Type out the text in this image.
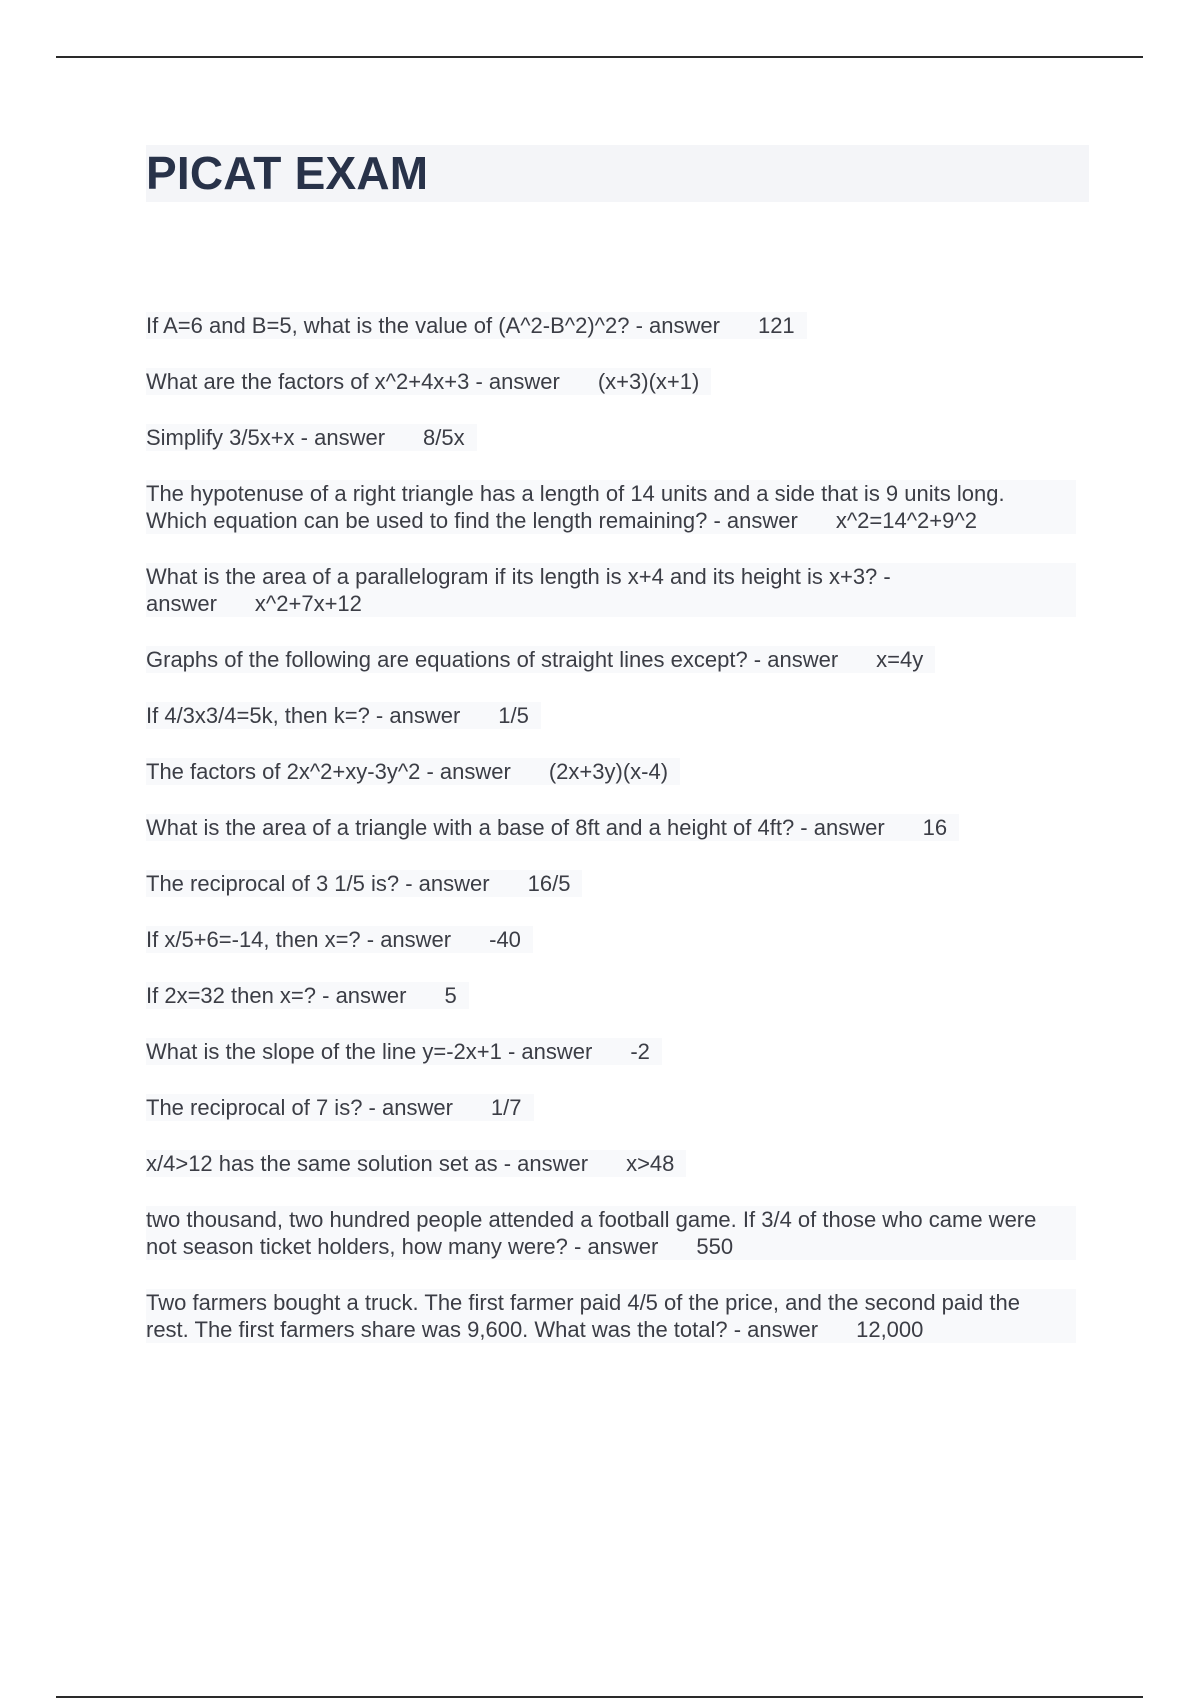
PICAT EXAM
If A=6 and B=5, what is the value of (A^2-B^2)^2? - answer 121
What are the factors of x^2+4x+3 - answer (x+3)(x+1)
Simplify 3/5x+x - answer 8/5x
The hypotenuse of a right triangle has a length of 14 units and a side that is 9 units long. Which equation can be used to find the length remaining? - answer x^2=14^2+9^2
What is the area of a parallelogram if its length is x+4 and its height is x+3? - answer x^2+7x+12
Graphs of the following are equations of straight lines except? - answer x=4y
If 4/3x3/4=5k, then k=? - answer 1/5
The factors of 2x^2+xy-3y^2 - answer (2x+3y)(x-4)
What is the area of a triangle with a base of 8ft and a height of 4ft? - answer 16
The reciprocal of 3 1/5 is? - answer 16/5
If x/5+6=-14, then x=? - answer -40
If 2x=32 then x=? - answer 5
What is the slope of the line y=-2x+1 - answer -2
The reciprocal of 7 is? - answer 1/7
x/4>12 has the same solution set as - answer x>48
two thousand, two hundred people attended a football game. If 3/4 of those who came were not season ticket holders, how many were? - answer 550
Two farmers bought a truck. The first farmer paid 4/5 of the price, and the second paid the rest. The first farmers share was 9,600. What was the total? - answer 12,000
